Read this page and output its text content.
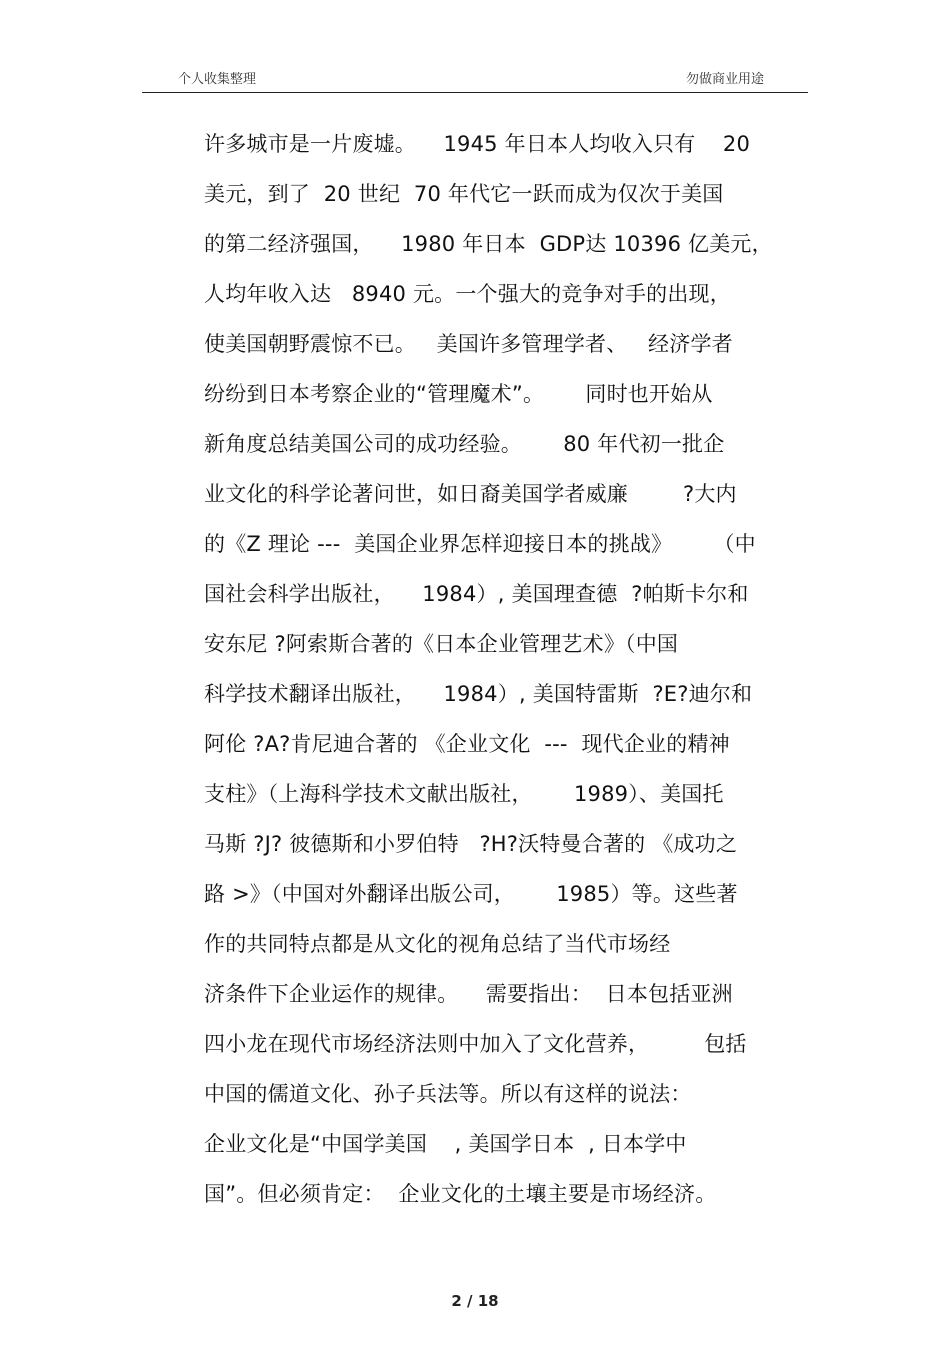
个人收集整理	勿做商业用途
许多城市是一片废墟。    1945 年日本人均收入只有    20
美元，到了  20 世纪  70 年代它一跃而成为仅次于美国
的第二经济强国，    1980 年日本  GDP达 10396 亿美元，
人均年收入达   8940 元。一个强大的竞争对手的出现，
使美国朝野震惊不已。   美国许多管理学者、   经济学者
纷纷到日本考察企业的“管理魔术”。      同时也开始从
新角度总结美国公司的成功经验。      80 年代初一批企
业文化的科学论著问世，如日裔美国学者威廉        ?大内
的《Z 理论 ---  美国企业界怎样迎接日本的挑战》      （中
国社会科学出版社，    1984）, 美国理查德  ?帕斯卡尔和
安东尼 ?阿索斯合著的《日本企业管理艺术》（中国
科学技术翻译出版社，    1984）, 美国特雷斯  ?E?迪尔和
阿伦 ?A?肯尼迪合著的 《企业文化  ---  现代企业的精神
支柱》（上海科学技术文献出版社，      1989）、美国托
马斯 ?J? 彼德斯和小罗伯特   ?H?沃特曼合著的 《成功之
路 >》（中国对外翻译出版公司，      1985）等。这些著
作的共同特点都是从文化的视角总结了当代市场经
济条件下企业运作的规律。    需要指出：  日本包括亚洲
四小龙在现代市场经济法则中加入了文化营养，        包括
中国的儒道文化、孙子兵法等。所以有这样的说法：
企业文化是“中国学美国    , 美国学日本  , 日本学中
国”。但必须肯定：  企业文化的土壤主要是市场经济。
2 / 18
